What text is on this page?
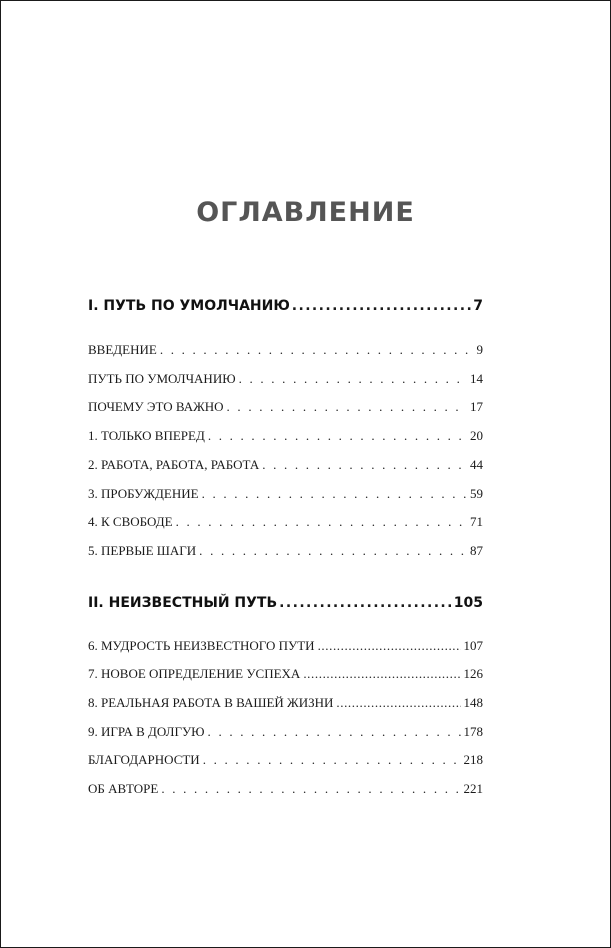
ОГЛАВЛЕНИЕ
I. ПУТЬ ПО УМОЛЧАНИЮ .....	7
ВВЕДЕНИЕ . . .	9
ПУТЬ ПО УМОЛЧАНИЮ . . .	14
ПОЧЕМУ ЭТО ВАЖНО . . .	17
1. ТОЛЬКО ВПЕРЕД . . .	20
2. РАБОТА, РАБОТА, РАБОТА . . .	44
3. ПРОБУЖДЕНИЕ . . .	59
4. К СВОБОДЕ . . .	71
5. ПЕРВЫЕ ШАГИ . . .	87
II. НЕИЗВЕСТНЫЙ ПУТЬ .....	105
6. МУДРОСТЬ НЕИЗВЕСТНОГО ПУТИ .....	107
7. НОВОЕ ОПРЕДЕЛЕНИЕ УСПЕХА .....	126
8. РЕАЛЬНАЯ РАБОТА В ВАШЕЙ ЖИЗНИ .....	148
9. ИГРА В ДОЛГУЮ . . .	178
БЛАГОДАРНОСТИ . . .	218
ОБ АВТОРЕ . . .	221
